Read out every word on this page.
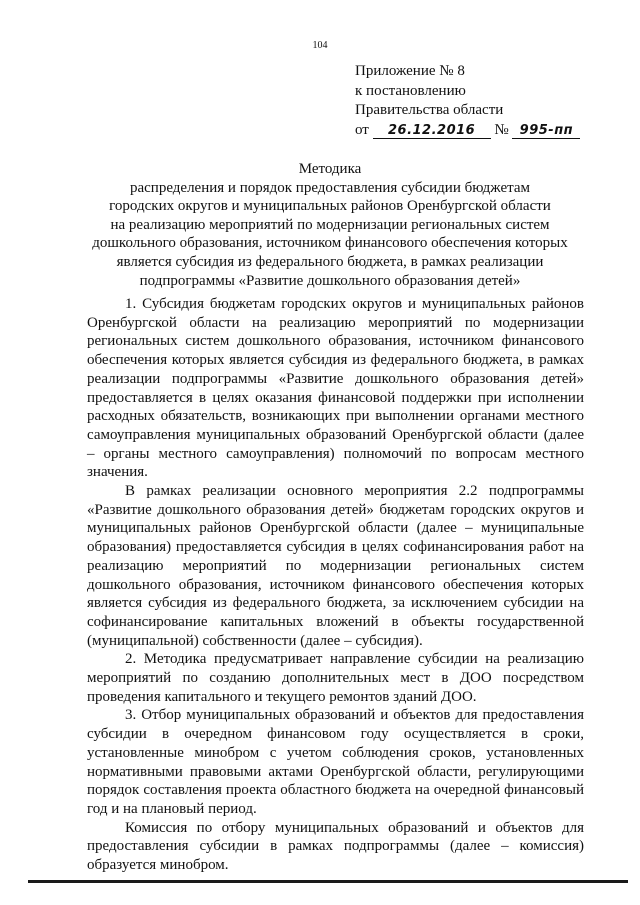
104
Приложение № 8
к постановлению
Правительства области
от 26.12.2016 № 995-пп
Методика
распределения и порядок предоставления субсидии бюджетам
городских округов и муниципальных районов Оренбургской области
на реализацию мероприятий по модернизации региональных систем
дошкольного образования, источником финансового обеспечения которых
является субсидия из федерального бюджета, в рамках реализации
подпрограммы «Развитие дошкольного образования детей»

1. Субсидия бюджетам городских округов и муниципальных районов Оренбургской области на реализацию мероприятий по модернизации региональных систем дошкольного образования, источником финансового обеспечения которых является субсидия из федерального бюджета, в рамках реализации подпрограммы «Развитие дошкольного образования детей» предоставляется в целях оказания финансовой поддержки при исполнении расходных обязательств, возникающих при выполнении органами местного самоуправления муниципальных образований Оренбургской области (далее – органы местного самоуправления) полномочий по вопросам местного значения.

В рамках реализации основного мероприятия 2.2 подпрограммы «Развитие дошкольного образования детей» бюджетам городских округов и муниципальных районов Оренбургской области (далее – муниципальные образования) предоставляется субсидия в целях софинансирования работ на реализацию мероприятий по модернизации региональных систем дошкольного образования, источником финансового обеспечения которых является субсидия из федерального бюджета, за исключением субсидии на софинансирование капитальных вложений в объекты государственной (муниципальной) собственности (далее – субсидия).

2. Методика предусматривает направление субсидии на реализацию мероприятий по созданию дополнительных мест в ДОО посредством проведения капитального и текущего ремонтов зданий ДОО.

3. Отбор муниципальных образований и объектов для предоставления субсидии в очередном финансовом году осуществляется в сроки, установленные минобром с учетом соблюдения сроков, установленных нормативными правовыми актами Оренбургской области, регулирующими порядок составления проекта областного бюджета на очередной финансовый год и на плановый период.

Комиссия по отбору муниципальных образований и объектов для предоставления субсидии в рамках подпрограммы (далее – комиссия) образуется минобром.
